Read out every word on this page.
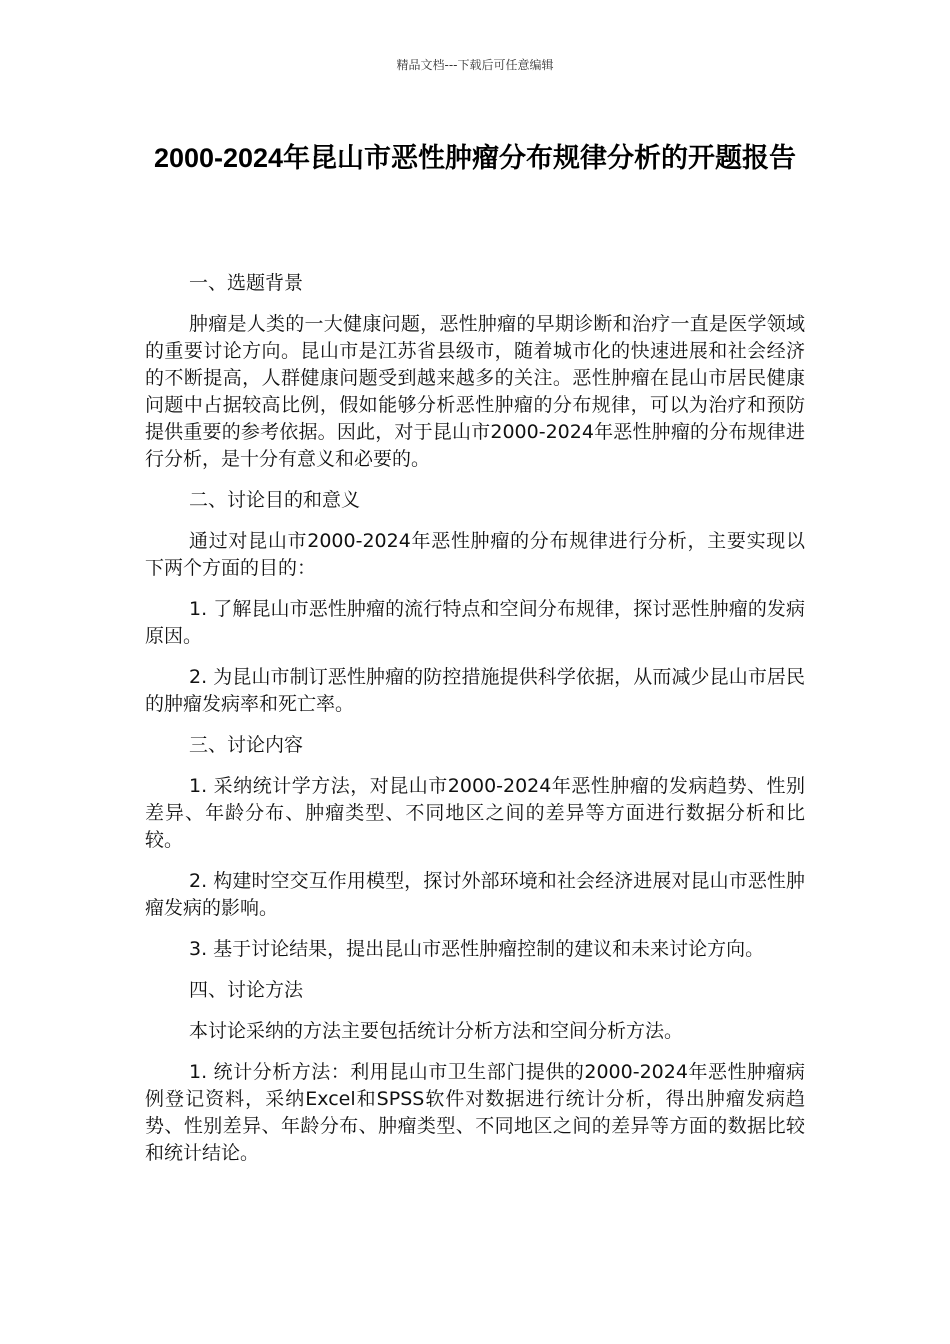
精品文档---下载后可任意编辑
2000-2024年昆山市恶性肿瘤分布规律分析的开题报告

一、选题背景

肿瘤是人类的一大健康问题，恶性肿瘤的早期诊断和治疗一直是医学领域的重要讨论方向。昆山市是江苏省县级市，随着城市化的快速进展和社会经济的不断提高，人群健康问题受到越来越多的关注。恶性肿瘤在昆山市居民健康问题中占据较高比例，假如能够分析恶性肿瘤的分布规律，可以为治疗和预防提供重要的参考依据。因此，对于昆山市2000-2024年恶性肿瘤的分布规律进行分析，是十分有意义和必要的。

二、讨论目的和意义

通过对昆山市2000-2024年恶性肿瘤的分布规律进行分析，主要实现以下两个方面的目的：

1. 了解昆山市恶性肿瘤的流行特点和空间分布规律，探讨恶性肿瘤的发病原因。

2. 为昆山市制订恶性肿瘤的防控措施提供科学依据，从而减少昆山市居民的肿瘤发病率和死亡率。

三、讨论内容

1. 采纳统计学方法，对昆山市2000-2024年恶性肿瘤的发病趋势、性别差异、年龄分布、肿瘤类型、不同地区之间的差异等方面进行数据分析和比较。

2. 构建时空交互作用模型，探讨外部环境和社会经济进展对昆山市恶性肿瘤发病的影响。

3. 基于讨论结果，提出昆山市恶性肿瘤控制的建议和未来讨论方向。

四、讨论方法

本讨论采纳的方法主要包括统计分析方法和空间分析方法。

1. 统计分析方法：利用昆山市卫生部门提供的2000-2024年恶性肿瘤病例登记资料，采纳Excel和SPSS软件对数据进行统计分析，得出肿瘤发病趋势、性别差异、年龄分布、肿瘤类型、不同地区之间的差异等方面的数据比较和统计结论。
